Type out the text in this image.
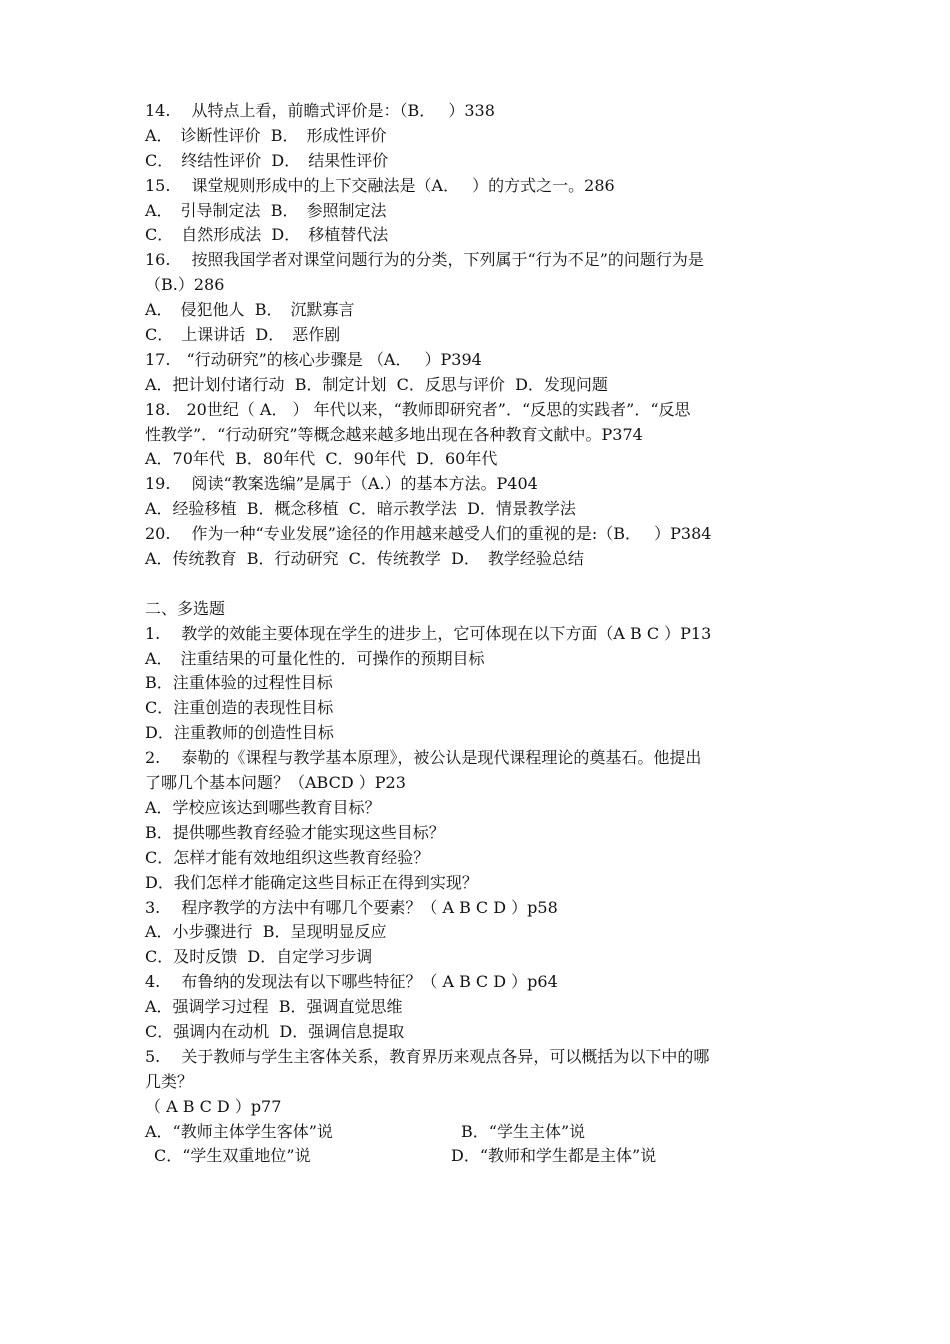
14.　 从特点上看，前瞻式评价是：（B．　 ）338
A．　诊断性评价  B．　形成性评价
C．　终结性评价  D．　结果性评价
15.　 课堂规则形成中的上下交融法是（A．　 ）的方式之一。286
A．　引导制定法  B．　参照制定法
C．　自然形成法  D．　移植替代法
16.　 按照我国学者对课堂问题行为的分类，下列属于“行为不足”的问题行为是
（B.）286
A．　侵犯他人  B．　沉默寡言
C．　上课讲话  D．　恶作剧
17.　“行动研究”的核心步骤是 （A．　 ）P394
A．把计划付诸行动  B．制定计划  C．反思与评价  D．发现问题
18.　20世纪（ A． ） 年代以来，“教师即研究者”．“反思的实践者”．“反思
性教学”．“行动研究”等概念越来越多地出现在各种教育文献中。P374
A．70年代  B．80年代  C．90年代  D．60年代
19.　 阅读“教案选编”是属于（A.）的基本方法。P404
A．经验移植  B．概念移植  C．暗示教学法  D．情景教学法
20.　 作为一种“专业发展”途径的作用越来越受人们的重视的是:（B．　 ）P384
A．传统教育  B．行动研究  C．传统教学  D．　教学经验总结
二、多选题
1.　 教学的效能主要体现在学生的进步上，它可体现在以下方面（A B C ）P13
A．　注重结果的可量化性的．可操作的预期目标
B．注重体验的过程性目标
C．注重创造的表现性目标
D．注重教师的创造性目标
2.　 泰勒的《课程与教学基本原理》，被公认是现代课程理论的奠基石。他提出
了哪几个基本问题？（ABCD ）P23
A．学校应该达到哪些教育目标？
B．提供哪些教育经验才能实现这些目标？
C．怎样才能有效地组织这些教育经验？
D．我们怎样才能确定这些目标正在得到实现？
3.　 程序教学的方法中有哪几个要素？（ A B C D ）p58
A．小步骤进行  B．呈现明显反应
C．及时反馈  D．自定学习步调
4.　 布鲁纳的发现法有以下哪些特征？（ A B C D ）p64
A．强调学习过程  B．强调直觉思维
C．强调内在动机  D．强调信息提取
5.　 关于教师与学生主客体关系，教育界历来观点各异，可以概括为以下中的哪
几类？
（ A B C D ）p77

A．“教师主体学生客体”说

	B．“学生主体”说

C．“学生双重地位”说

	D．“教师和学生都是主体”说
